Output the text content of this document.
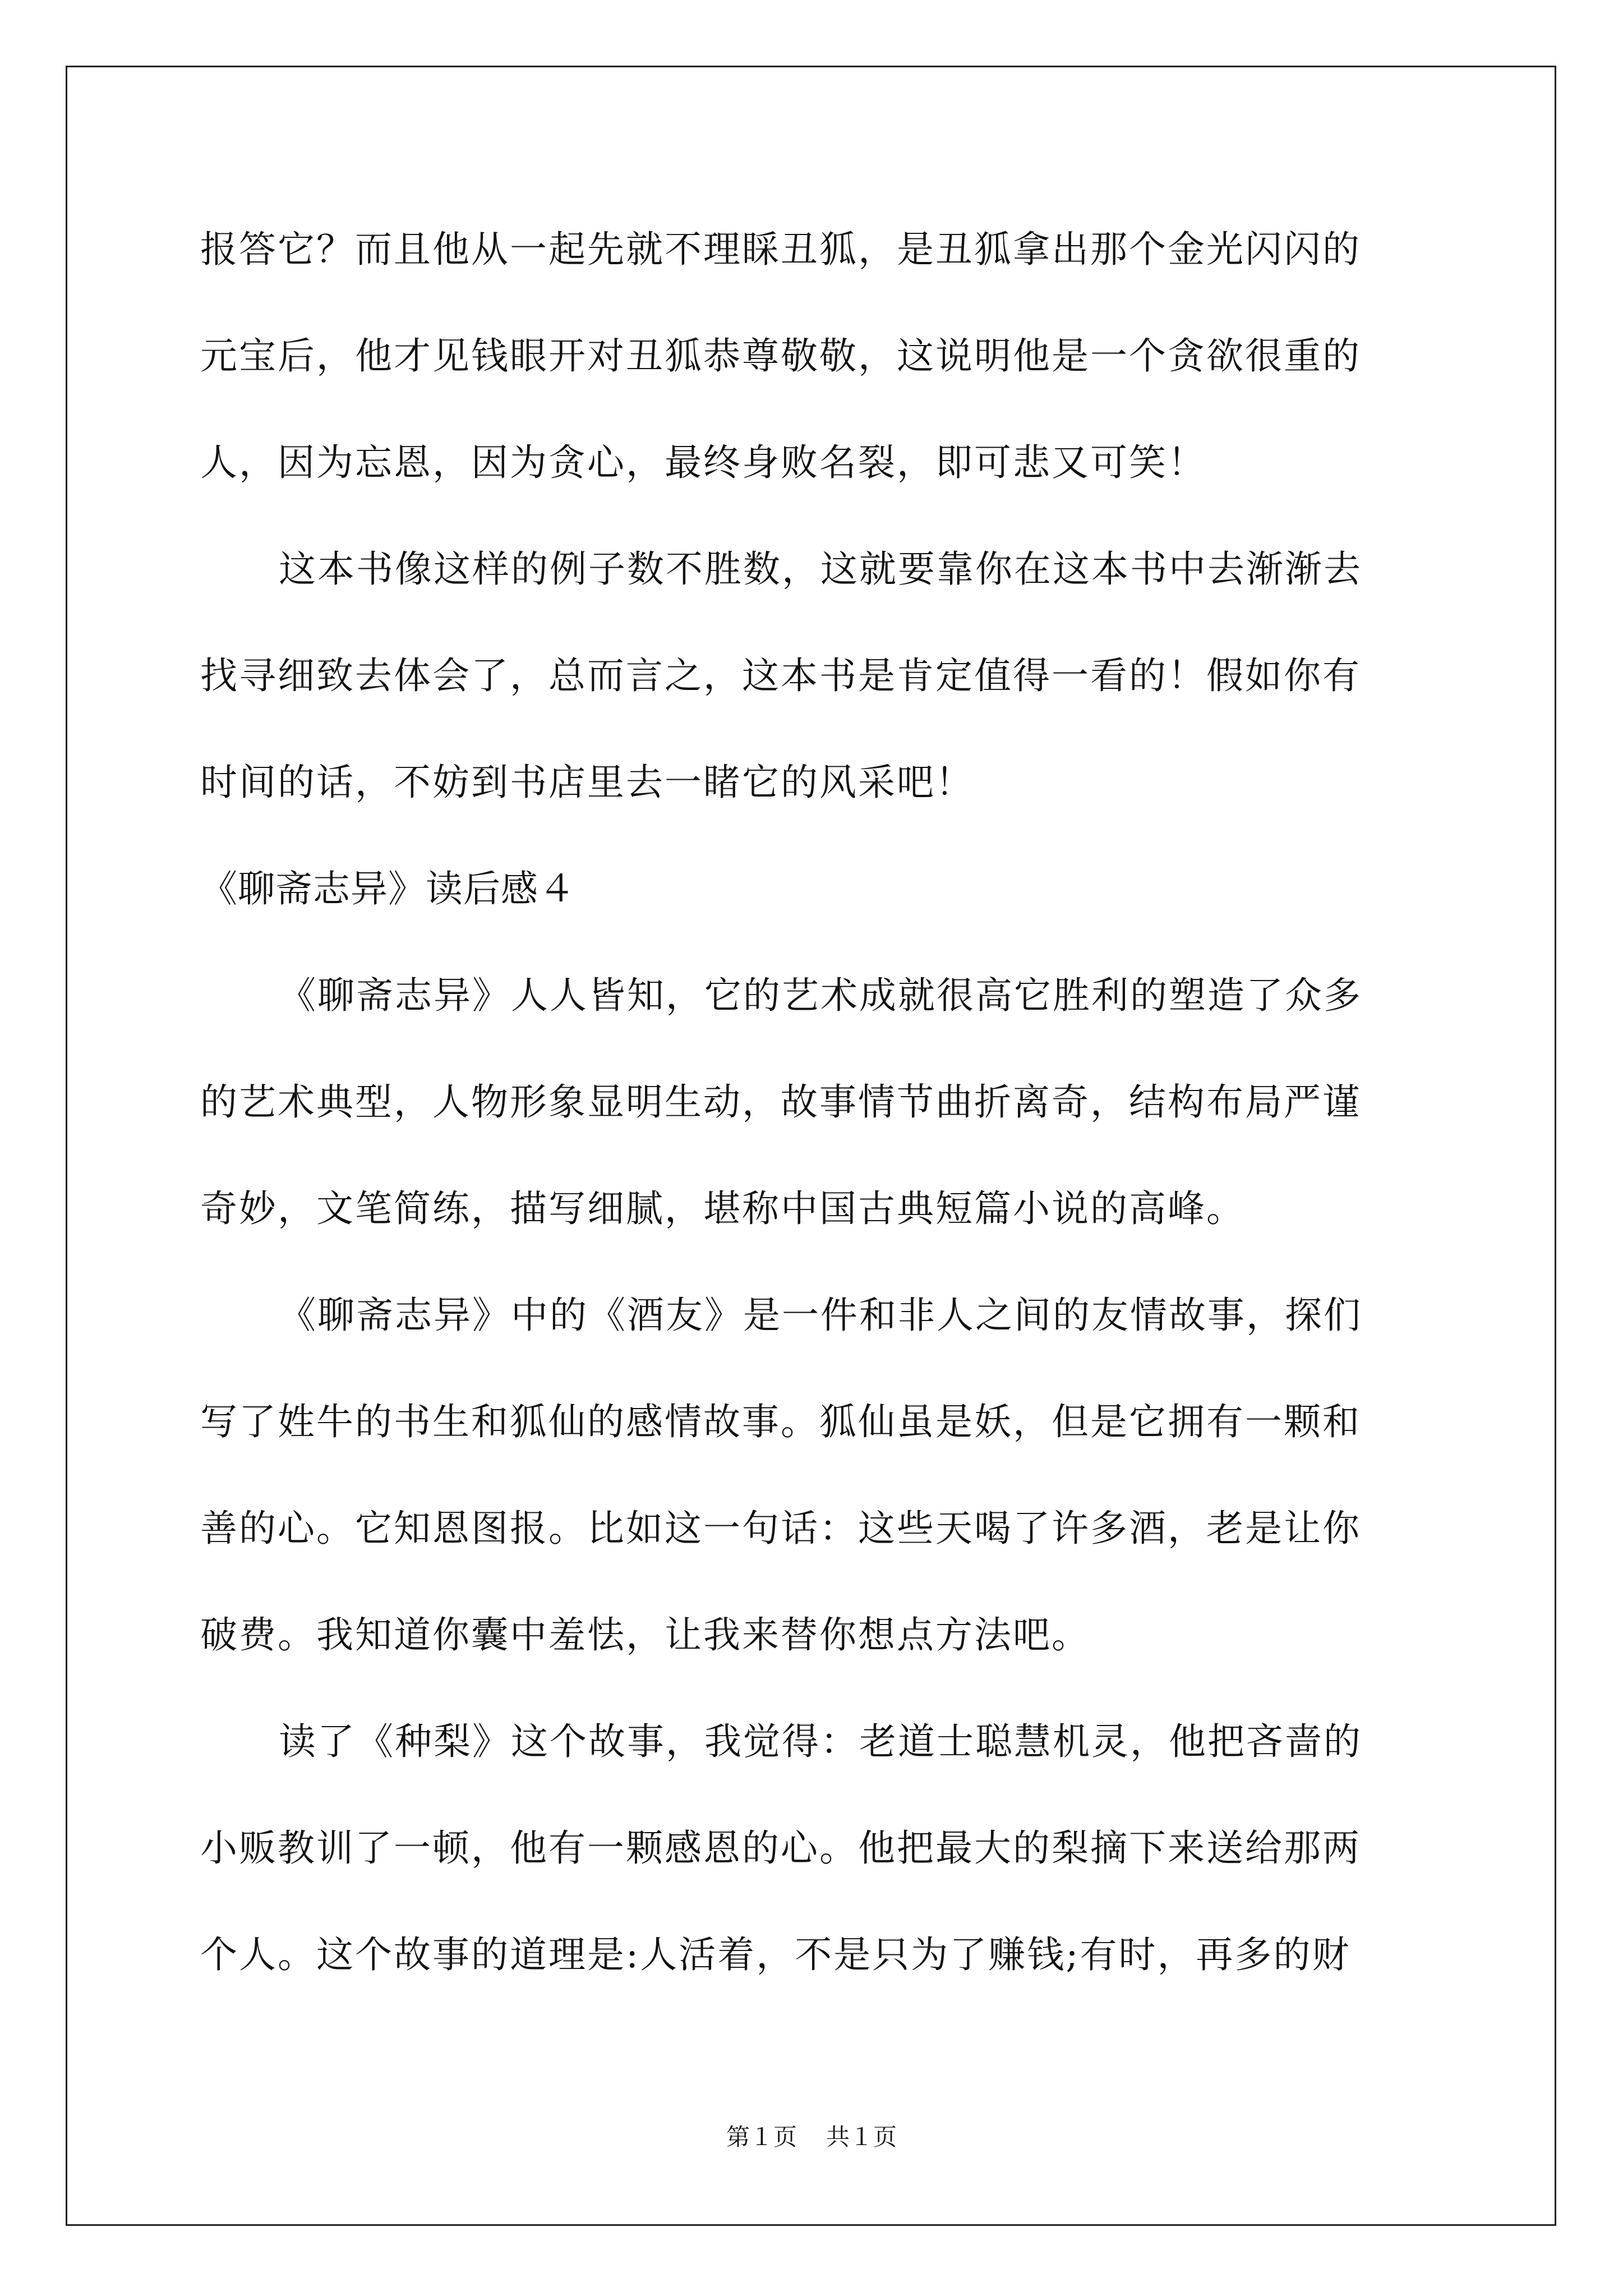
报答它？而且他从一起先就不理睬丑狐，是丑狐拿出那个金光闪闪的
元宝后，他才见钱眼开对丑狐恭尊敬敬，这说明他是一个贪欲很重的
人，因为忘恩，因为贪心，最终身败名裂，即可悲又可笑！
这本书像这样的例子数不胜数，这就要靠你在这本书中去渐渐去
找寻细致去体会了，总而言之，这本书是肯定值得一看的！假如你有
时间的话，不妨到书店里去一睹它的风采吧！
《聊斋志异》读后感４
《聊斋志异》人人皆知，它的艺术成就很高它胜利的塑造了众多
的艺术典型，人物形象显明生动，故事情节曲折离奇，结构布局严谨
奇妙，文笔简练，描写细腻，堪称中国古典短篇小说的高峰。
《聊斋志异》中的《酒友》是一件和非人之间的友情故事，探们
写了姓牛的书生和狐仙的感情故事。狐仙虽是妖，但是它拥有一颗和
善的心。它知恩图报。比如这一句话：这些天喝了许多酒，老是让你
破费。我知道你囊中羞怯，让我来替你想点方法吧。
读了《种梨》这个故事，我觉得：老道士聪慧机灵，他把吝啬的
小贩教训了一顿，他有一颗感恩的心。他把最大的梨摘下来送给那两
个人。这个故事的道理是:人活着，不是只为了赚钱;有时，再多的财
第１页 共１页
